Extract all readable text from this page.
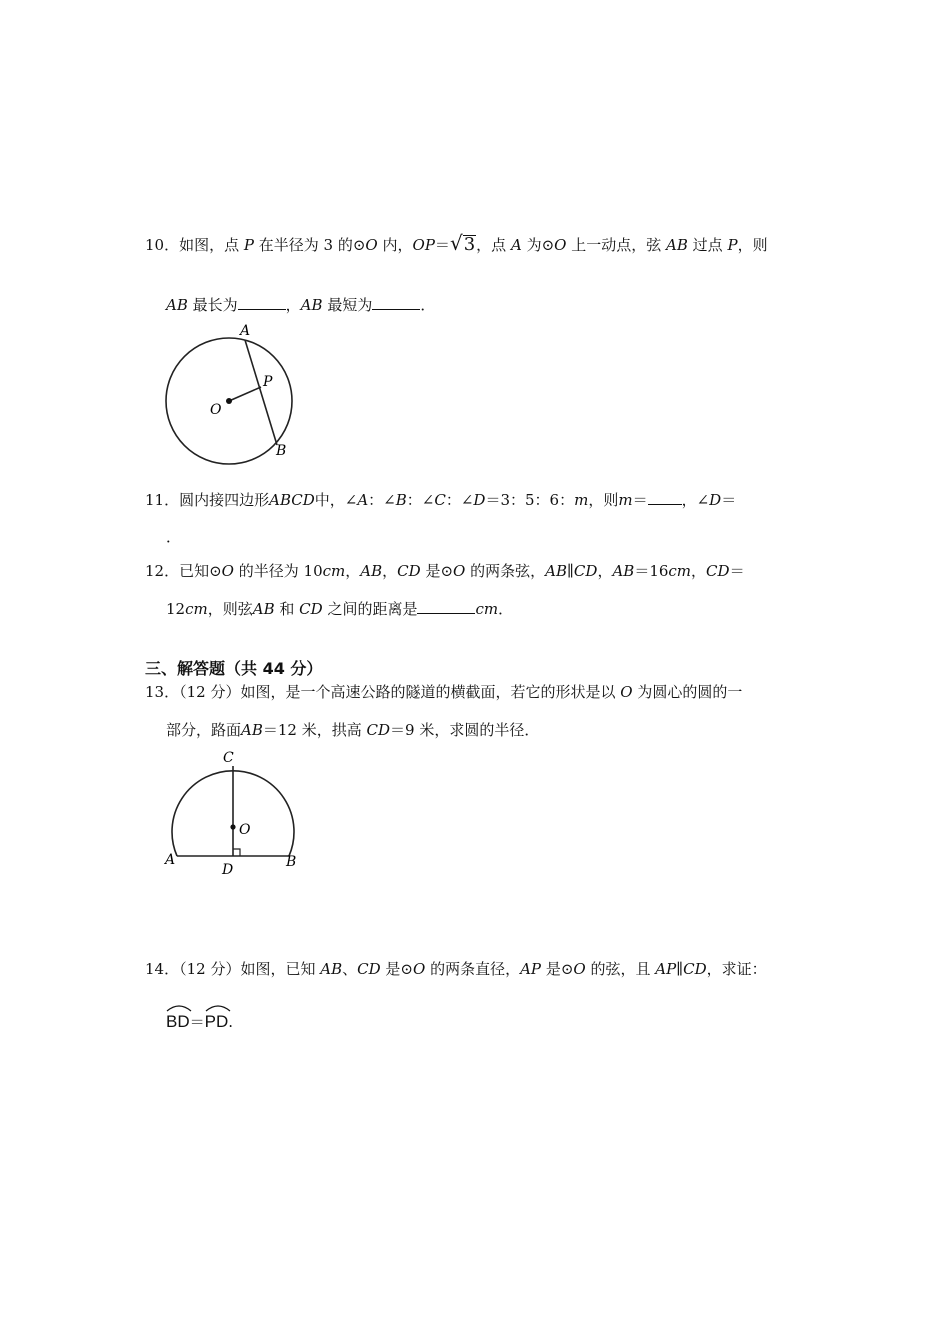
10．如图，点 P 在半径为 3 的⊙O 内，OP＝√3，点 A 为⊙O 上一动点，弦 AB 过点 P，则
AB 最长为	，AB 最短为	．
A
P
O
B
11．圆内接四边形ABCD中，∠A：∠B：∠C：∠D＝3：5：6：m，则m＝ ，∠D＝
．
12．已知⊙O 的半径为 10cm，AB，CD 是⊙O 的两条弦，AB∥CD，AB＝16cm，CD＝
12cm，则弦AB 和 CD 之间的距离是	cm．
三、解答题（共 44 分）
13．（12 分）如图，是一个高速公路的隧道的横截面，若它的形状是以 O 为圆心的圆的一
部分，路面AB＝12 米，拱高 CD＝9 米，求圆的半径．
C
O
A
D	B
14．（12 分）如图，已知 AB、CD 是⊙O 的两条直径，AP 是⊙O 的弦，且 AP∥CD，求证：
BD＝
PD.
